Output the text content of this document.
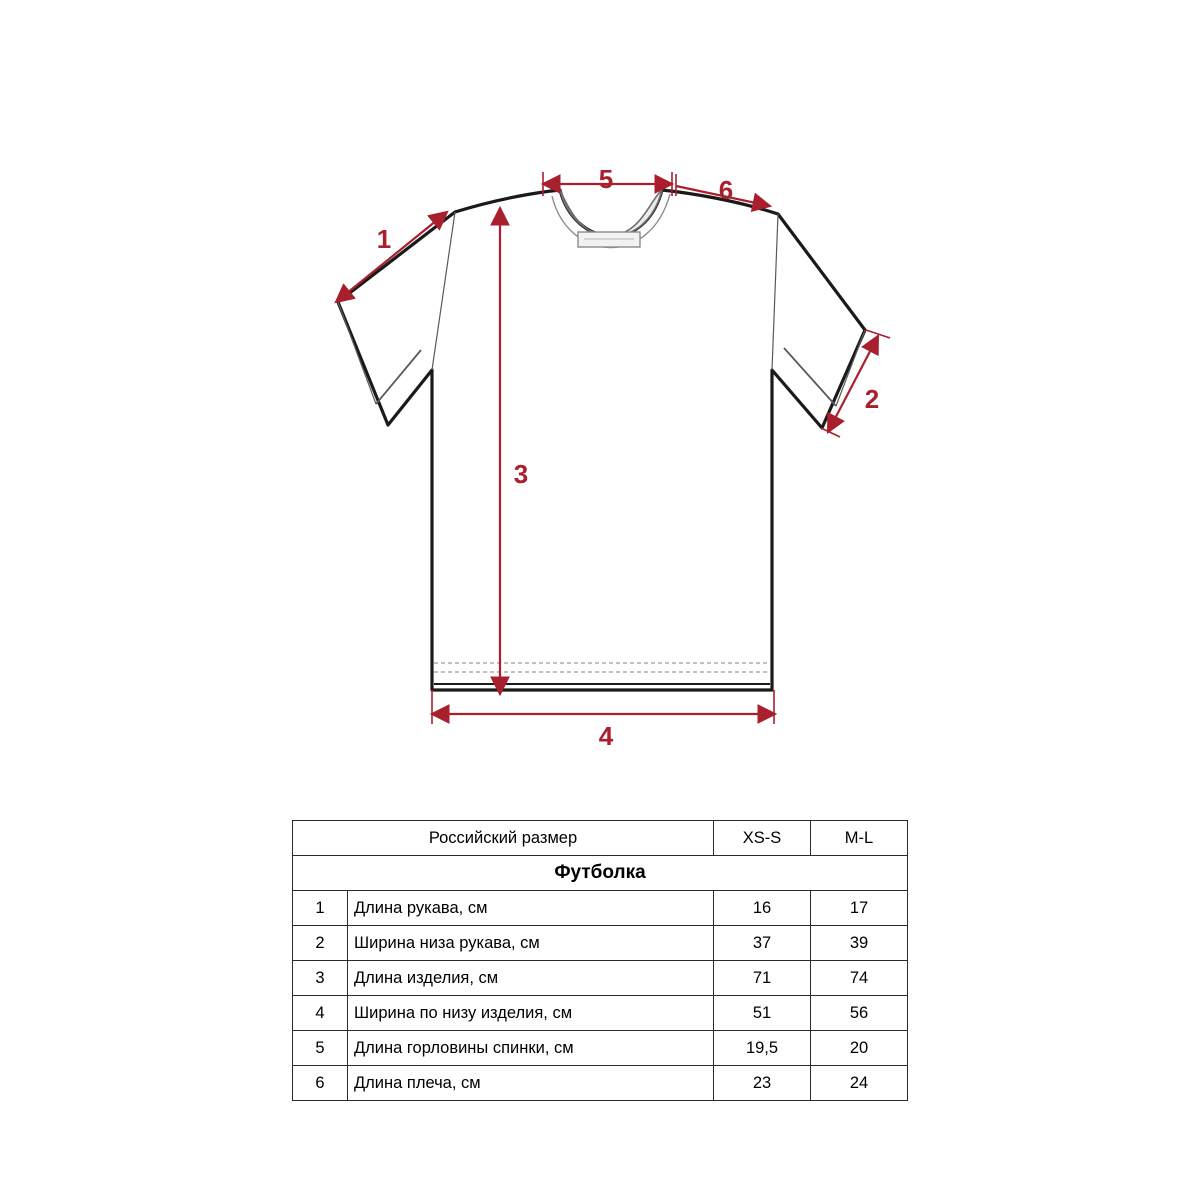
1
2
3
4
5	6
Российский размер		XS-S	M-L
Футболка			
1	Длина рукава, см	16	17
2	Ширина низа рукава, см	37	39
3	Длина изделия, см	71	74
4	Ширина по низу изделия, см	51	56
5	Длина горловины спинки, см	19,5	20
6	Длина плеча, см	23	24
